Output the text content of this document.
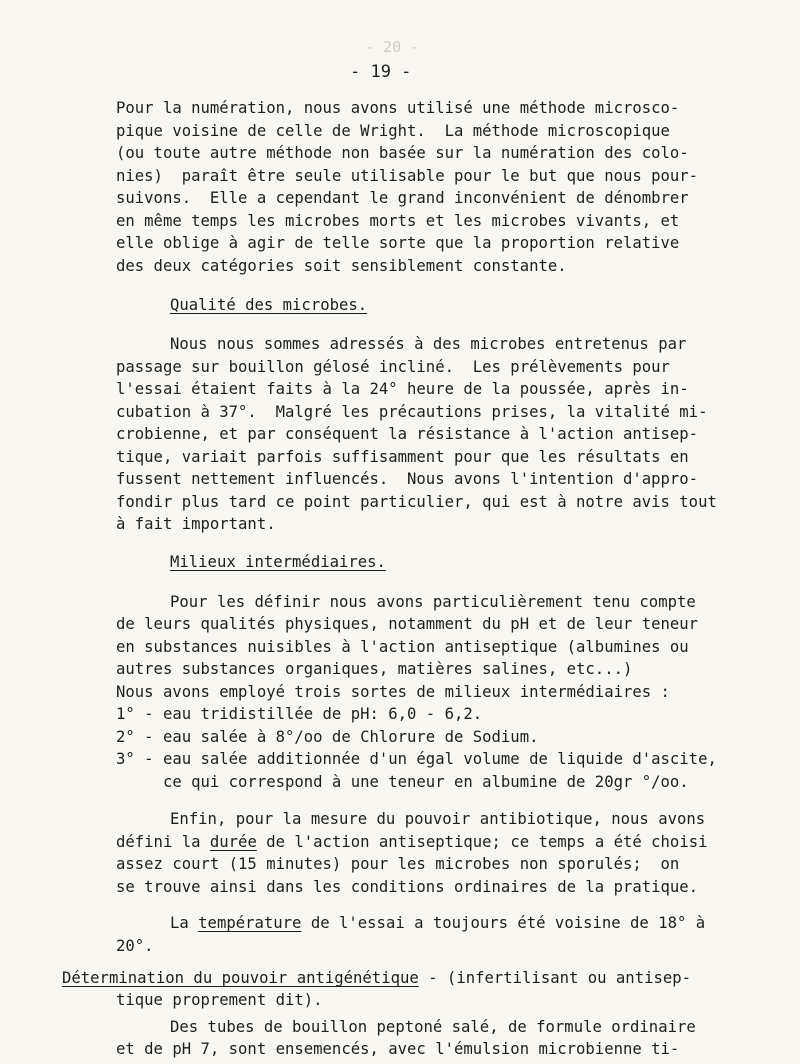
- 20 -
- 19 -
Pour la numération, nous avons utilisé une méthode microsco-
pique voisine de celle de Wright.  La méthode microscopique
(ou toute autre méthode non basée sur la numération des colo-
nies)  paraît être seule utilisable pour le but que nous pour-
suivons.  Elle a cependant le grand inconvénient de dénombrer
en même temps les microbes morts et les microbes vivants, et
elle oblige à agir de telle sorte que la proportion relative
des deux catégories soit sensiblement constante.
Qualité des microbes.
Nous nous sommes adressés à des microbes entretenus par
passage sur bouillon gélosé incliné.  Les prélèvements pour
l'essai étaient faits à la 24° heure de la poussée, après in-
cubation à 37°.  Malgré les précautions prises, la vitalité mi-
crobienne, et par conséquent la résistance à l'action antisep-
tique, variait parfois suffisamment pour que les résultats en
fussent nettement influencés.  Nous avons l'intention d'appro-
fondir plus tard ce point particulier, qui est à notre avis tout
à fait important.
Milieux intermédiaires.
Pour les définir nous avons particulièrement tenu compte
de leurs qualités physiques, notamment du pH et de leur teneur
en substances nuisibles à l'action antiseptique (albumines ou
autres substances organiques, matières salines, etc...)
Nous avons employé trois sortes de milieux intermédiaires :
1° - eau tridistillée de pH: 6,0 - 6,2.
2° - eau salée à 8°/oo de Chlorure de Sodium.
3° - eau salée additionnée d'un égal volume de liquide d'ascite,
ce qui correspond à une teneur en albumine de 20gr °/oo.
Enfin, pour la mesure du pouvoir antibiotique, nous avons
défini la durée de l'action antiseptique; ce temps a été choisi
assez court (15 minutes) pour les microbes non sporulés;  on
se trouve ainsi dans les conditions ordinaires de la pratique.
La température de l'essai a toujours été voisine de 18° à
20°.
Détermination du pouvoir antigénétique - (infertilisant ou antisep-
tique proprement dit).
Des tubes de bouillon peptoné salé, de formule ordinaire
et de pH 7, sont ensemencés, avec l'émulsion microbienne ti-
